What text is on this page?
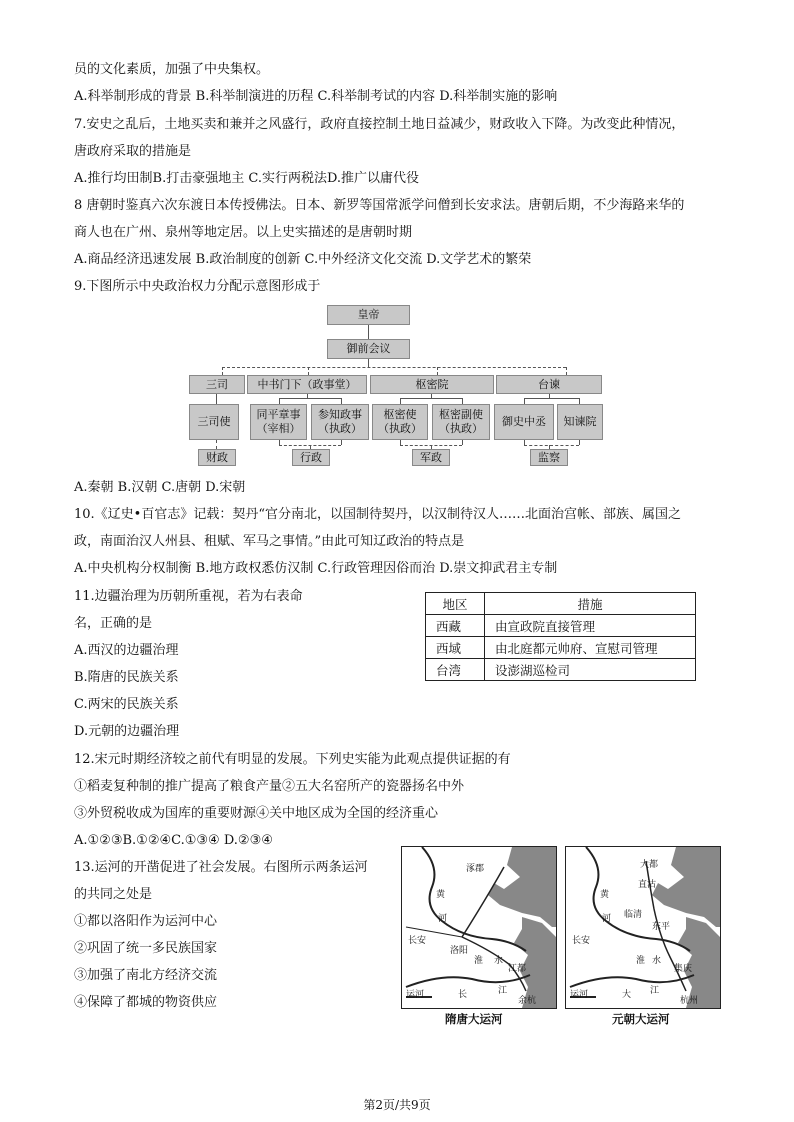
员的文化素质，加强了中央集权。
A.科举制形成的背景 B.科举制演进的历程 C.科举制考试的内容 D.科举制实施的影响
7.安史之乱后，土地买卖和兼并之风盛行，政府直接控制土地日益减少，财政收入下降。为改变此种情况，
唐政府采取的措施是
A.推行均田制B.打击豪强地主 C.实行两税法D.推广以庸代役
8 唐朝时鉴真六次东渡日本传授佛法。日本、新罗等国常派学问僧到长安求法。唐朝后期，不少海路来华的
商人也在广州、泉州等地定居。以上史实描述的是唐朝时期
A.商品经济迅速发展 B.政治制度的创新 C.中外经济文化交流 D.文学艺术的繁荣
9.下图所示中央政治权力分配示意图形成于
皇帝
御前会议
三司	中书门下（政事堂）	枢密院	台谏
三司使
同平章事
（宰相）
参知政事
（执政）
枢密使
（执政）
枢密副使
（执政）
御史中丞	知谏院
财政	行政	军政	监察
A.秦朝 B.汉朝 C.唐朝 D.宋朝
10.《辽史•百官志》记载：契丹“官分南北，以国制待契丹，以汉制待汉人……北面治宫帐、部族、属国之
政，南面治汉人州县、租赋、军马之事情。”由此可知辽政治的特点是
A.中央机构分权制衡 B.地方政权悉仿汉制 C.行政管理因俗而治 D.崇文抑武君主专制
11.边疆治理为历朝所重视，若为右表命
名，正确的是
A.西汉的边疆治理
B.隋唐的民族关系
C.两宋的民族关系
D.元朝的边疆治理
地区	措施
西藏	由宣政院直接管理
西域	由北庭都元帅府、宣慰司管理
台湾	设澎湖巡检司
12.宋元时期经济较之前代有明显的发展。下列史实能为此观点提供证据的有
①稻麦复种制的推广提高了粮食产量②五大名窑所产的瓷器扬名中外
③外贸税收成为国库的重要财源④关中地区成为全国的经济重心
A.①②③B.①②④C.①③④ D.②③④
13.运河的开凿促进了社会发展。右图所示两条运河
的共同之处是
①都以洛阳作为运河中心
②巩固了统一多民族国家
③加强了南北方经济交流
④保障了都城的物资供应
涿郡
黄
河
长安
洛阳
淮 水
江都
长	江
余杭
运河
隋唐大运河
大都
直沽
临清
东平
黄
河
长安
淮 水
集庆
大 江
杭州
运河
元朝大运河
第2页/共9页
